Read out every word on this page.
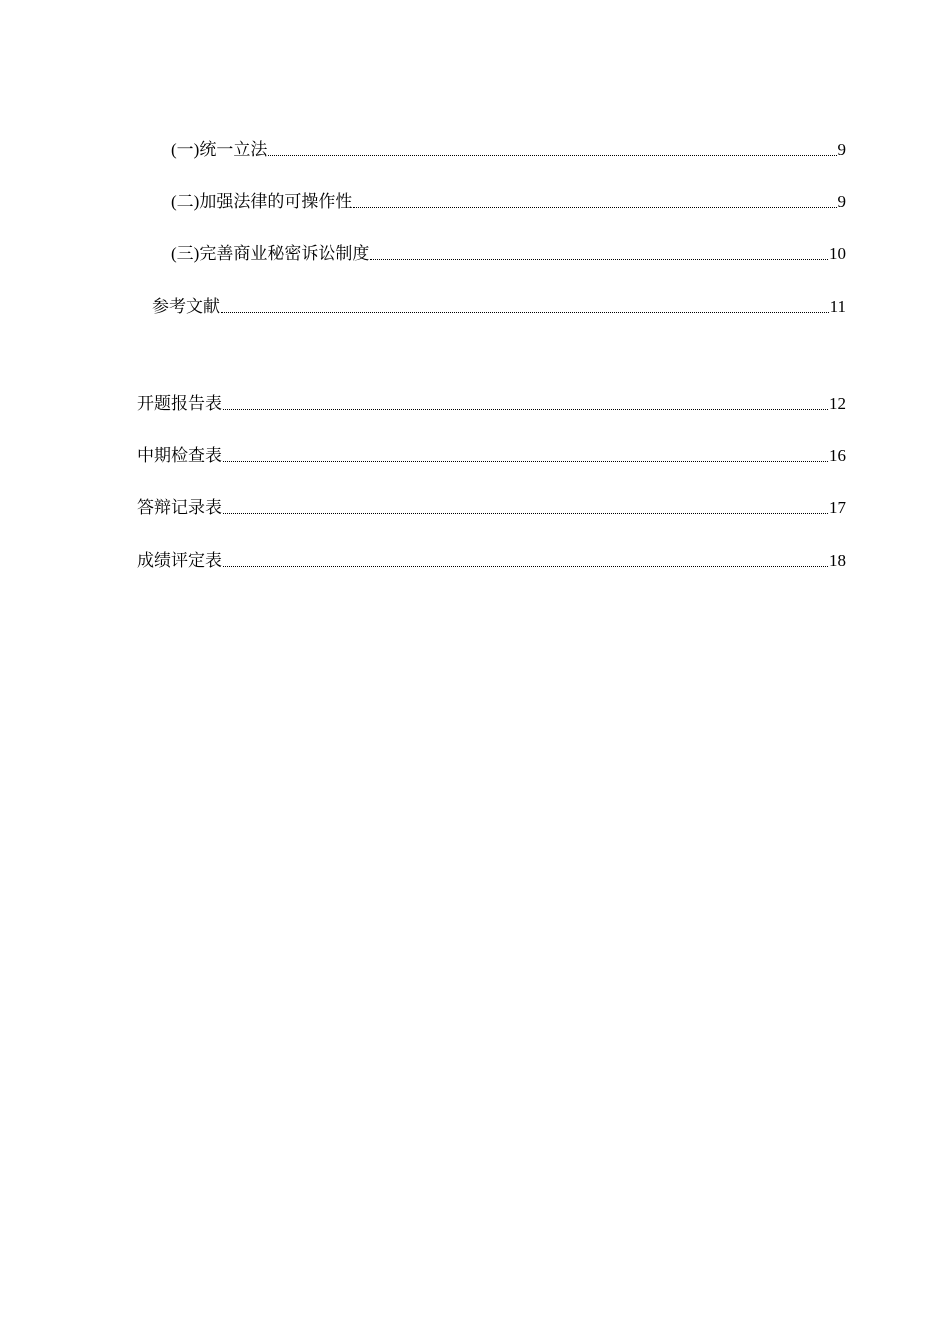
(一)统一立法	9
(二)加强法律的可操作性	9
(三)完善商业秘密诉讼制度	10
参考文献	11
开题报告表	12
中期检查表	16
答辩记录表	17
成绩评定表	18
